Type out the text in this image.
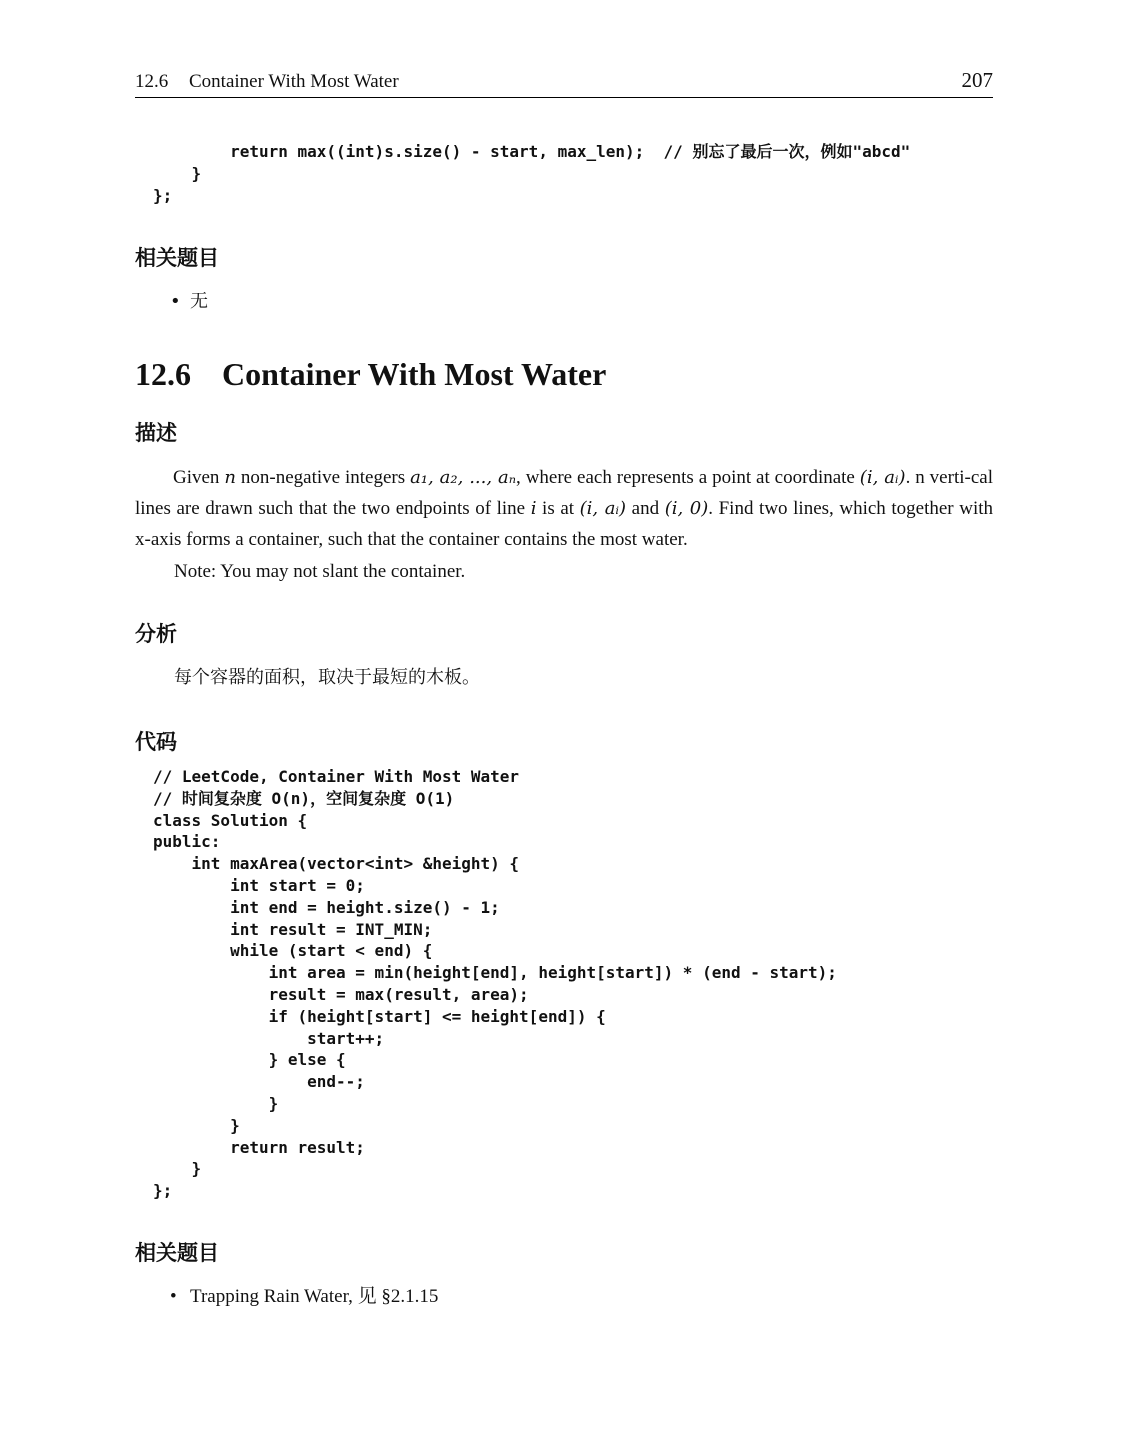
12.6 Container With Most Water	207
return max((int)s.size() - start, max_len);  // 别忘了最后一次，例如"abcd"
}
};
相关题目
• 无
12.6 Container With Most Water
描述

Given n non-negative integers a₁, a₂, ..., aₙ, where each represents a point at coordinate (i, aᵢ). n verti-cal lines are drawn such that the two endpoints of line i is at (i, aᵢ) and (i, 0). Find two lines, which together with x-axis forms a container, such that the container contains the most water.

Note: You may not slant the container.

分析

每个容器的面积，取决于最短的木板。

代码
// LeetCode, Container With Most Water
// 时间复杂度 O(n)，空间复杂度 O(1)
class Solution {
public:
int maxArea(vector<int> &height) {
int start = 0;
int end = height.size() - 1;
int result = INT_MIN;
while (start < end) {
int area = min(height[end], height[start]) * (end - start);
result = max(result, area);
if (height[start] <= height[end]) {
start++;
} else {
end--;
}
}
return result;
}
};
相关题目
• Trapping Rain Water, 见 §2.1.15
